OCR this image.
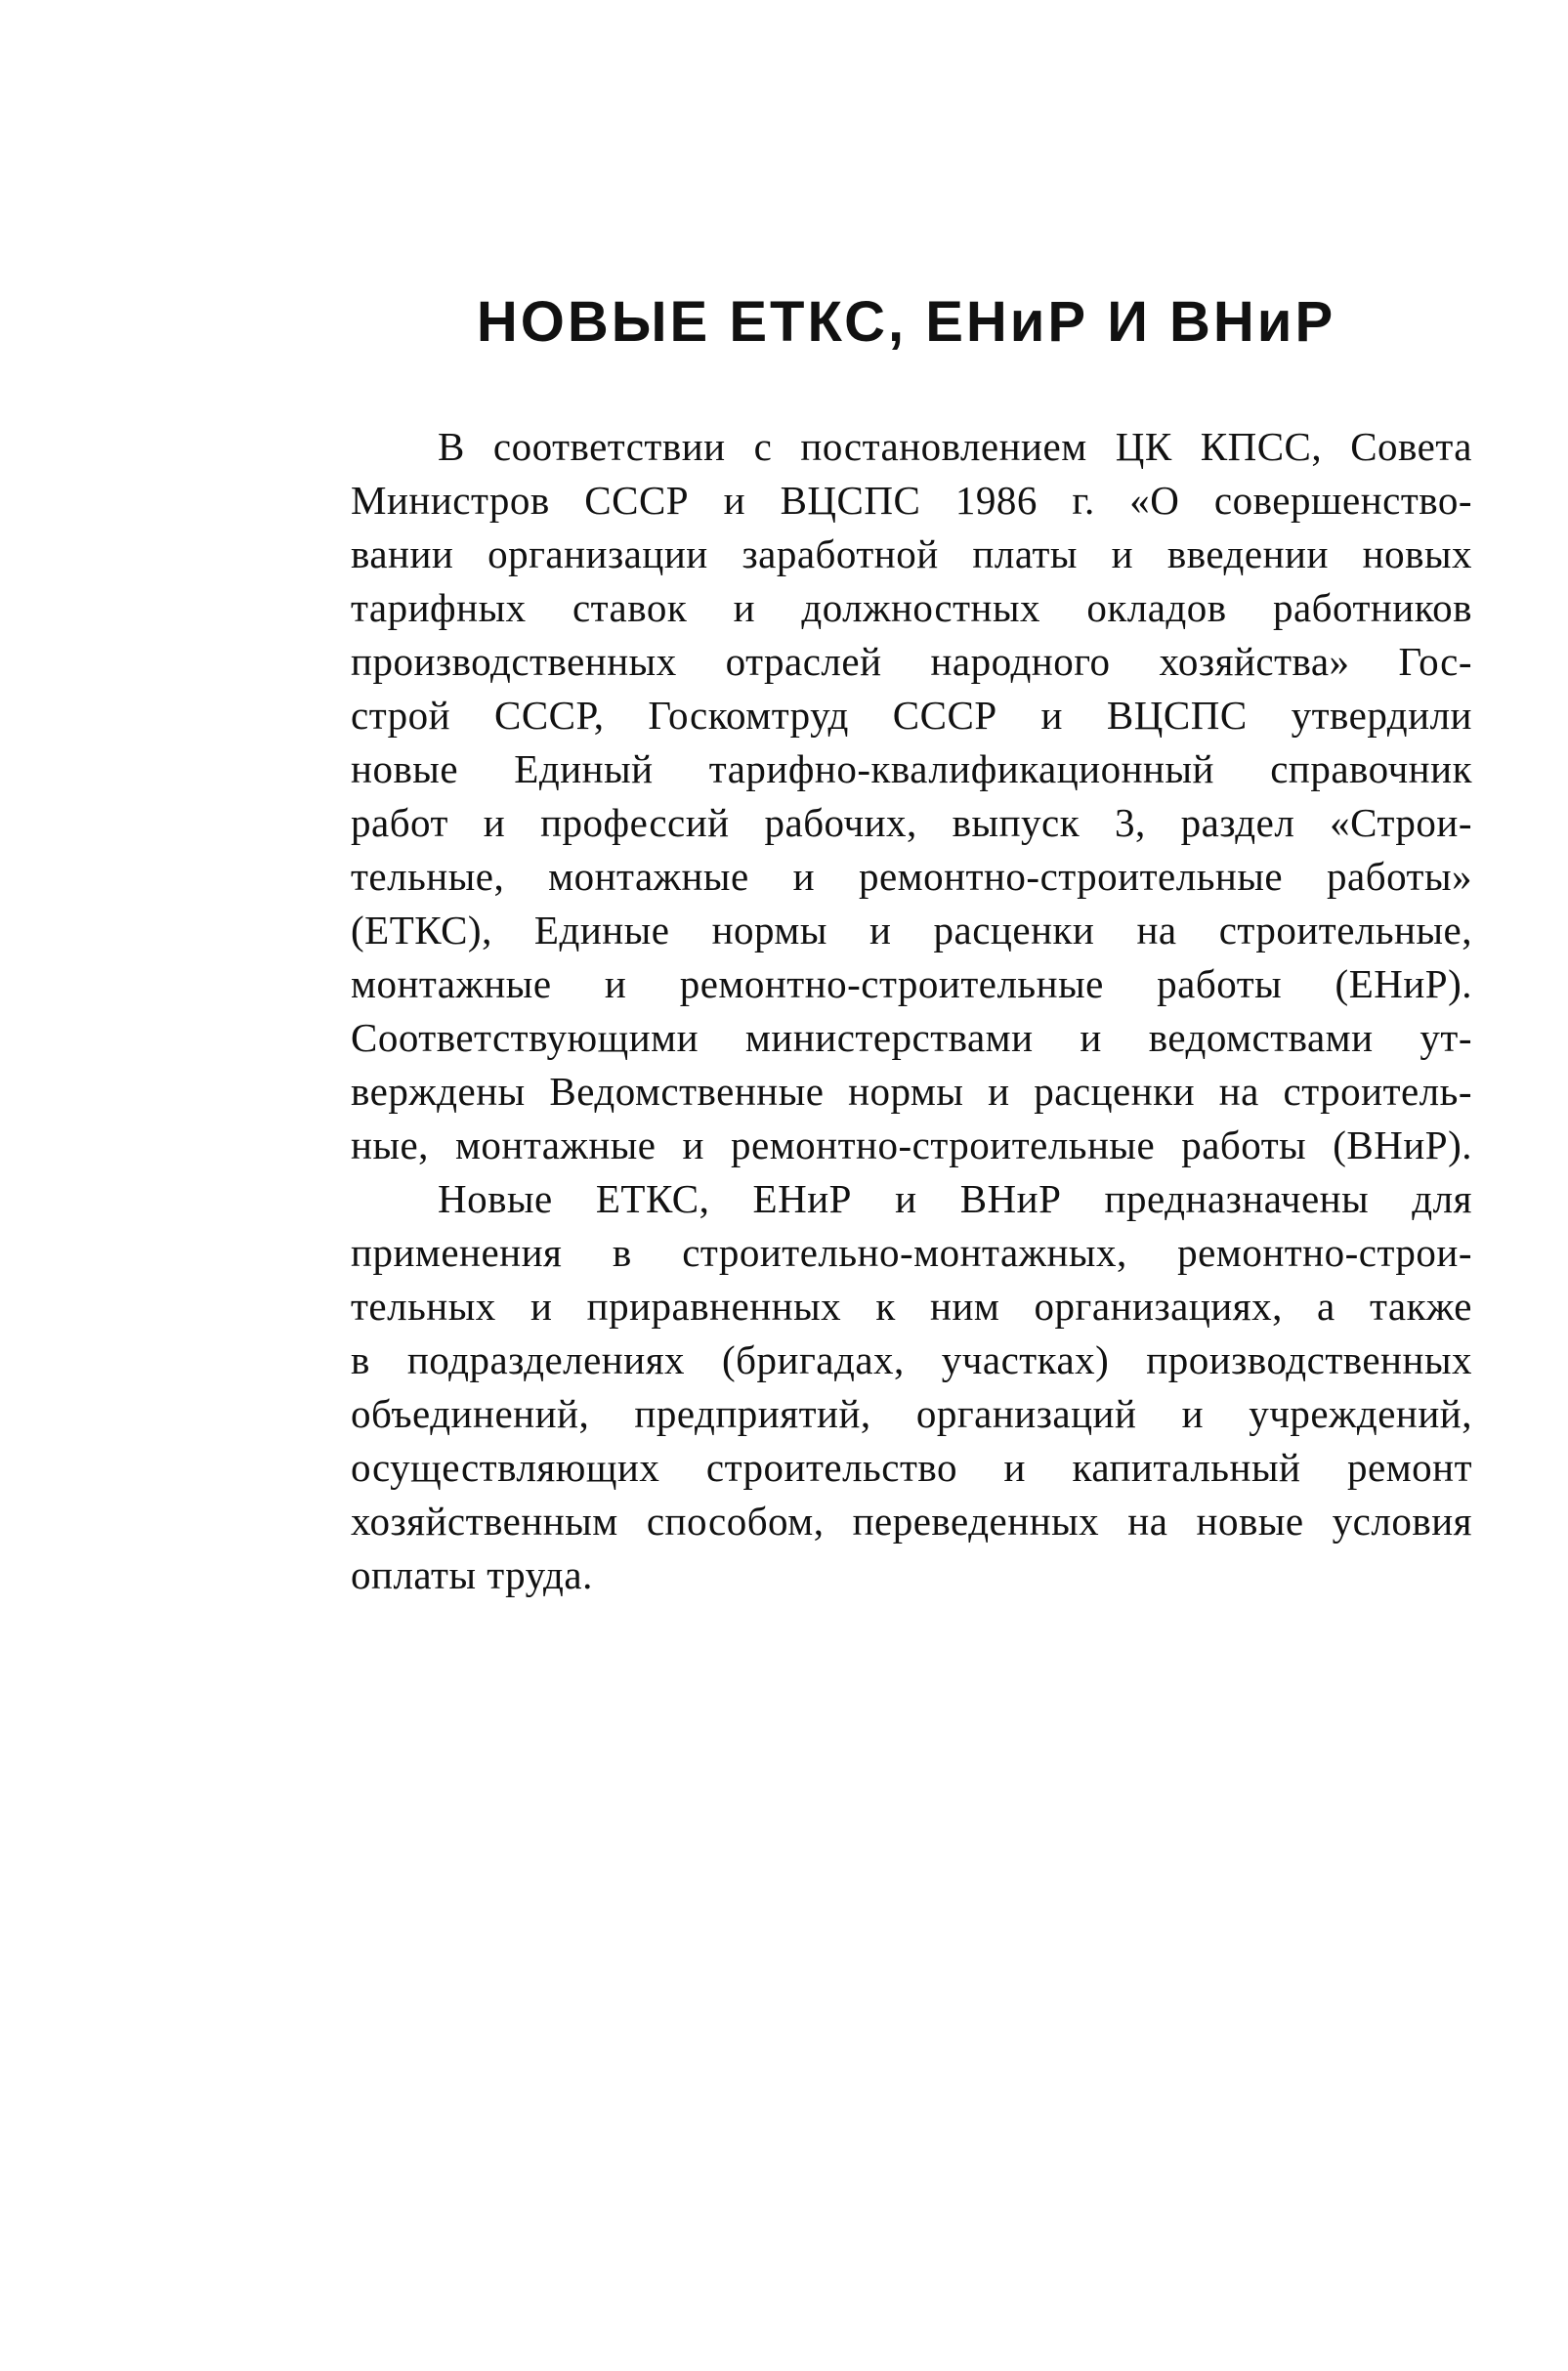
НОВЫЕ ЕТКС, ЕНиР И ВНиР

В соответствии с постановлением ЦК КПСС, Совета
Министров СССР и ВЦСПС 1986 г. «О совершенство-
вании организации заработной платы и введении новых
тарифных ставок и должностных окладов работников
производственных отраслей народного хозяйства» Гос-
строй СССР, Госкомтруд СССР и ВЦСПС утвердили
новые Единый тарифно-квалификационный справочник
работ и профессий рабочих, выпуск 3, раздел «Строи-
тельные, монтажные и ремонтно-строительные работы»
(ЕТКС), Единые нормы и расценки на строительные,
монтажные и ремонтно-строительные работы (ЕНиР).
Соответствующими министерствами и ведомствами ут-
верждены Ведомственные нормы и расценки на строитель-
ные, монтажные и ремонтно-строительные работы (ВНиР).

Новые ЕТКС, ЕНиР и ВНиР предназначены для
применения в строительно-монтажных, ремонтно-строи-
тельных и приравненных к ним организациях, а также
в подразделениях (бригадах, участках) производственных
объединений, предприятий, организаций и учреждений,
осуществляющих строительство и капитальный ремонт
хозяйственным способом, переведенных на новые условия
оплаты труда.
